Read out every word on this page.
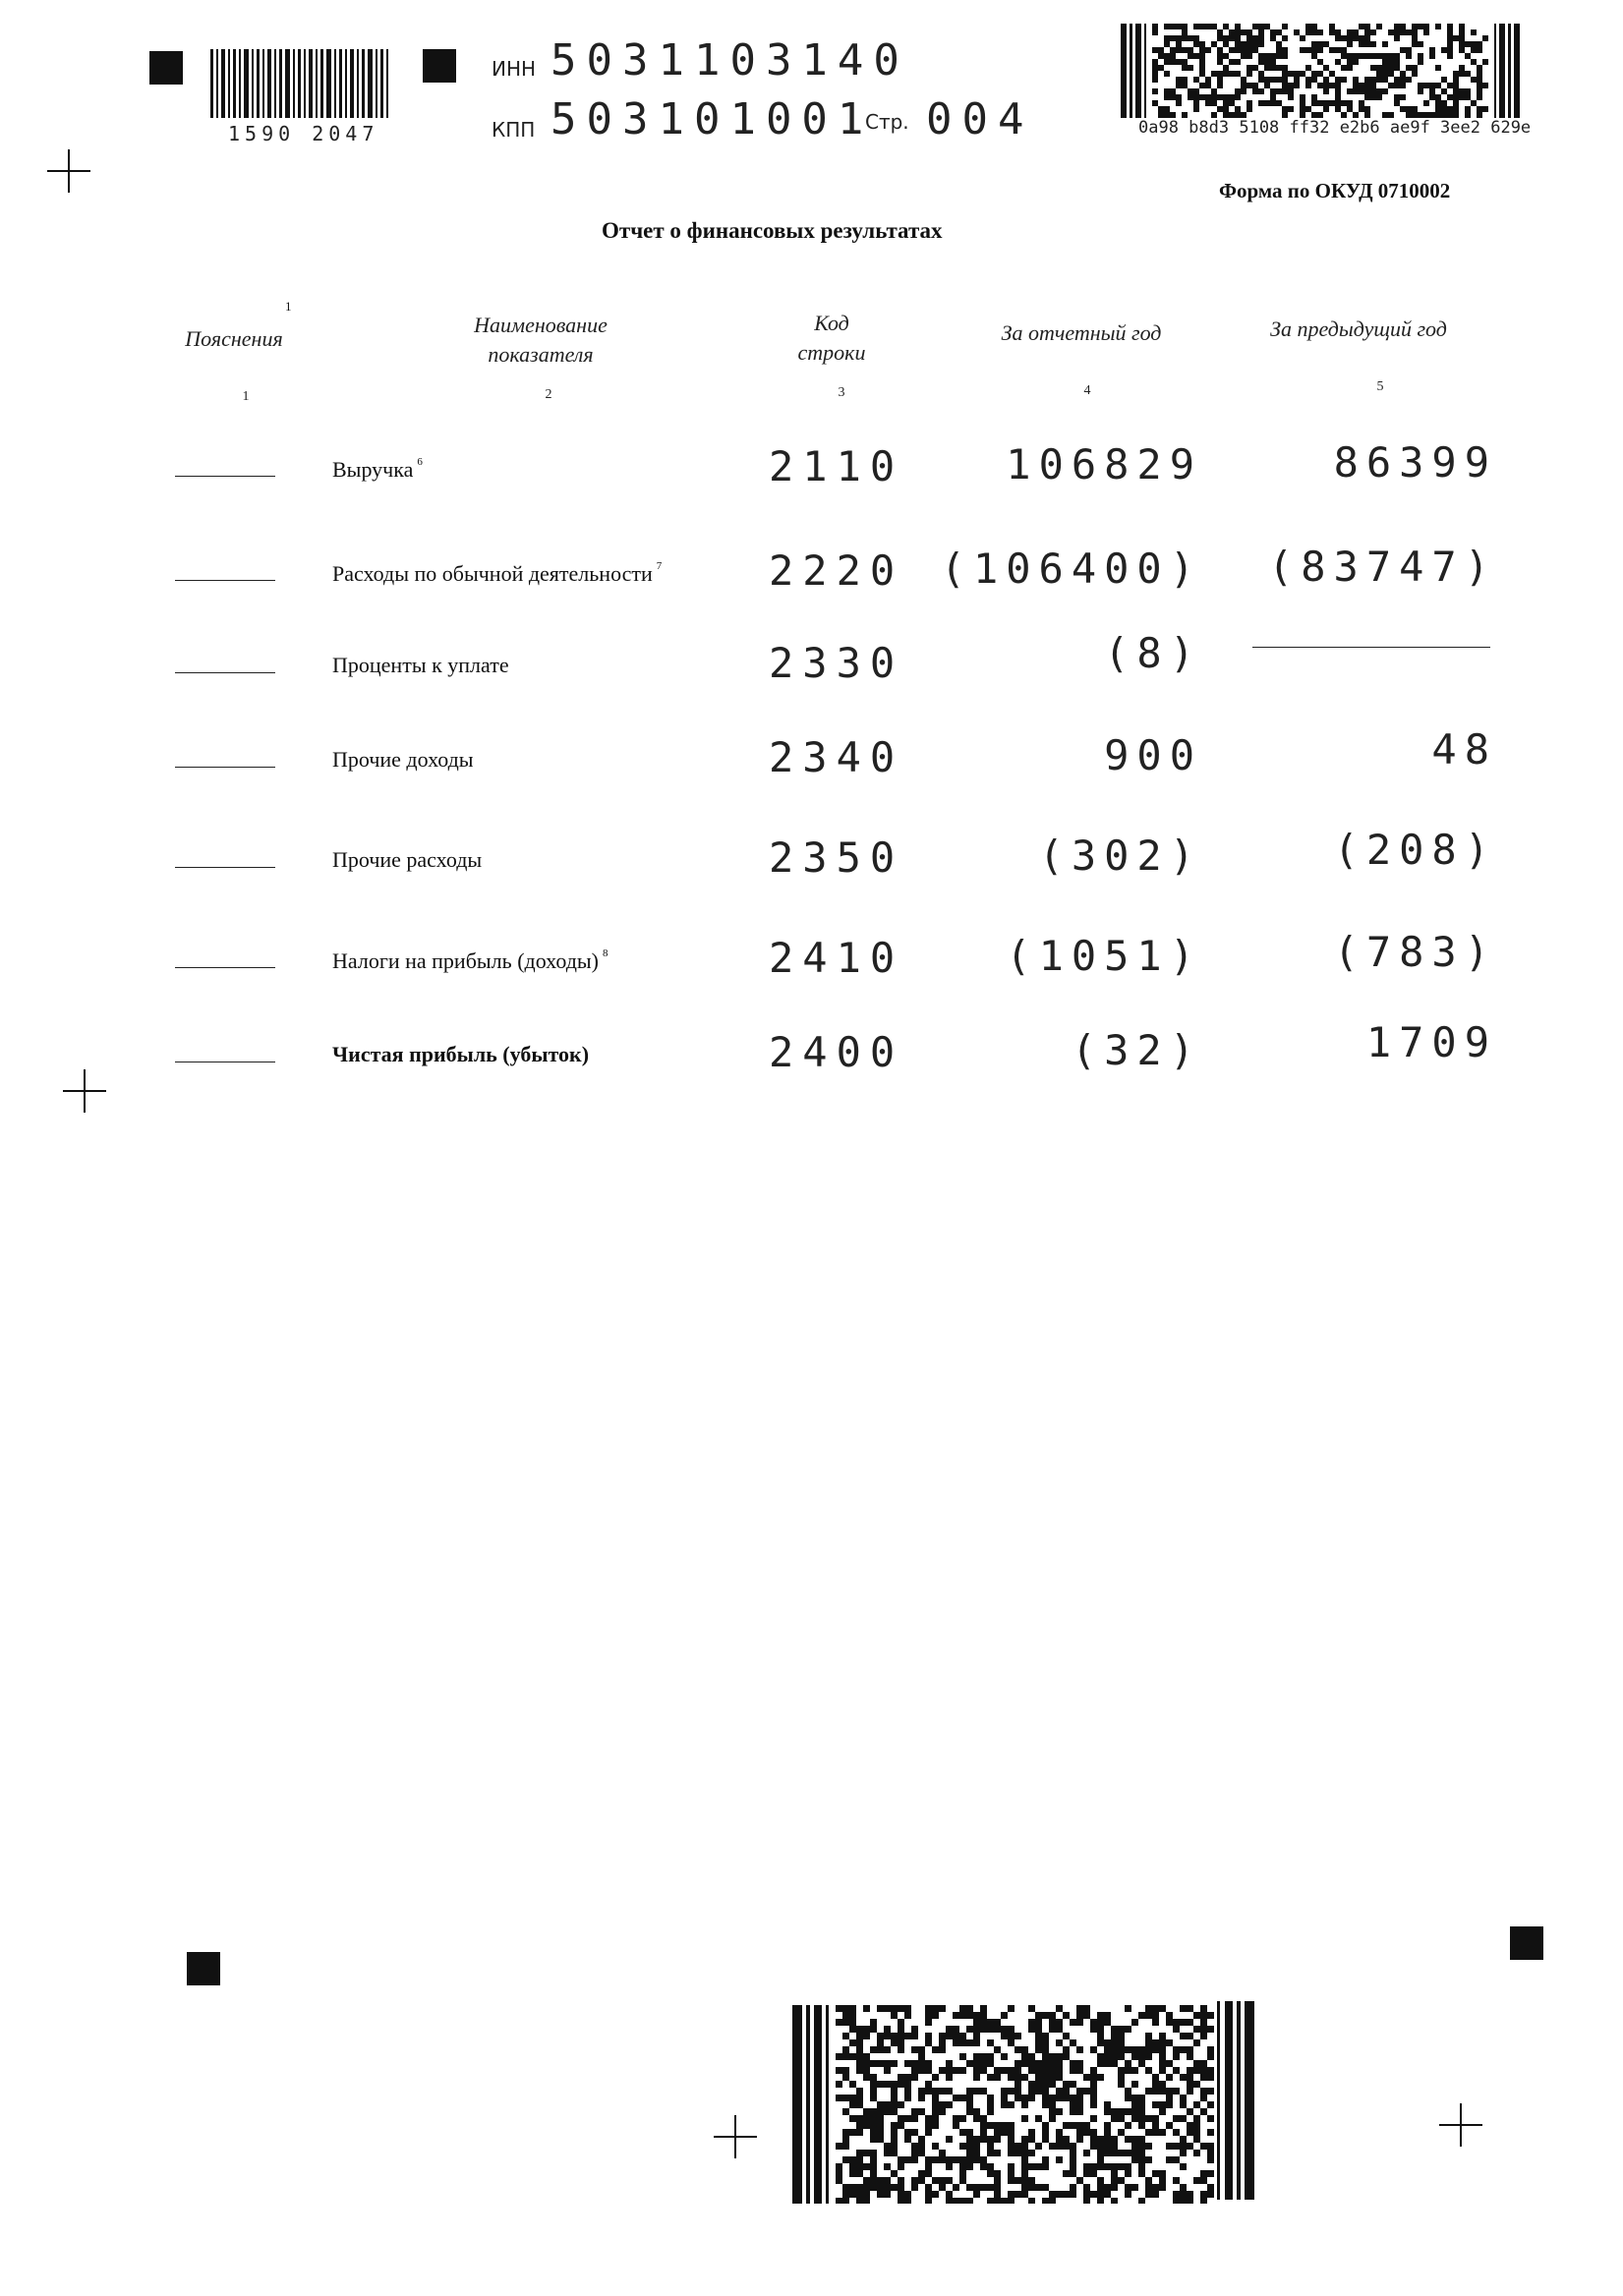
1590 2047
ИНН 5031103140
КПП 503101001
Стр. 004	0a98 b8d3 5108 ff32 e2b6 ae9f 3ee2 629e
Форма по ОКУД 0710002
Отчет о финансовых результатах
Пояснения
1
Наименование
показателя
Код
строки
За отчетный год	За предыдущий год
1	2	3	4	5
Выручка $^6$	2110 106829	86399
Расходы по обычной деятельности $^7$	2220 (106400) (83747)
Проценты к уплате	2330	(8)
Прочие доходы	2340	900	48
Прочие расходы	2350	(302)	(208)
Налоги на прибыль (доходы) $^8$	2410 (1051)	(783)
Чистая прибыль (убыток)	2400	(32)	1709
